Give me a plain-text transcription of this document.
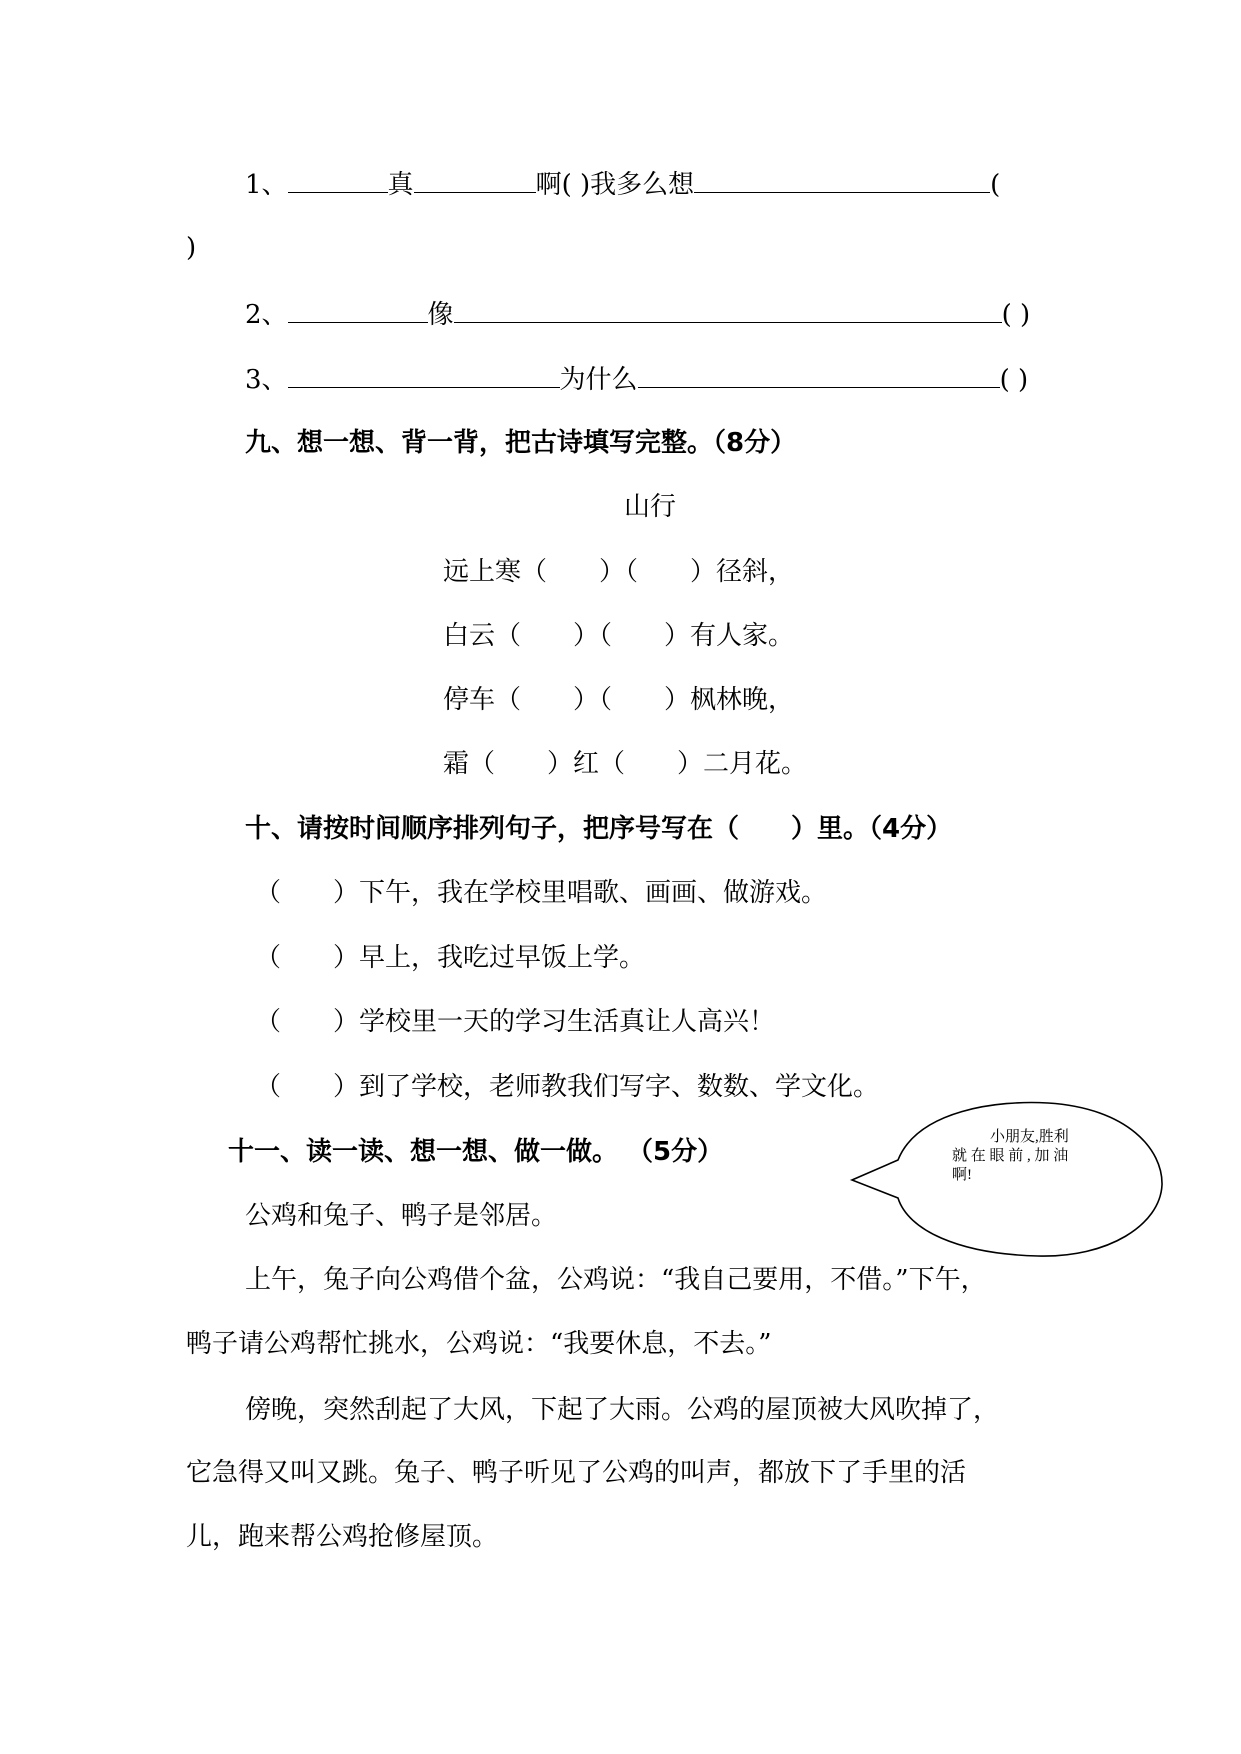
1、	真	啊( )我多么想	(
)
2、	像	( )
3、	为什么	( )
九、想一想、背一背，把古诗填写完整。（8分）
山行
远上寒（　　）（　　）径斜，
白云（　　）（　　）有人家。
停车（　　）（　　）枫林晚，
霜（　　）红（　　）二月花。
十、请按时间顺序排列句子，把序号写在（　　）里。（4分）
（　　）下午，我在学校里唱歌、画画、做游戏。
（　　）早上，我吃过早饭上学。
（　　）学校里一天的学习生活真让人高兴！
（　　）到了学校，老师教我们写字、数数、学文化。
十一、读一读、想一想、做一做。 （5分）	小朋友,胜利
就 在 眼 前 , 加 油
啊!
公鸡和兔子、鸭子是邻居。
上午，兔子向公鸡借个盆，公鸡说：“我自己要用，不借。”下午，
鸭子请公鸡帮忙挑水，公鸡说：“我要休息，不去。”
傍晚，突然刮起了大风，下起了大雨。公鸡的屋顶被大风吹掉了，
它急得又叫又跳。兔子、鸭子听见了公鸡的叫声，都放下了手里的活
儿，跑来帮公鸡抢修屋顶。
